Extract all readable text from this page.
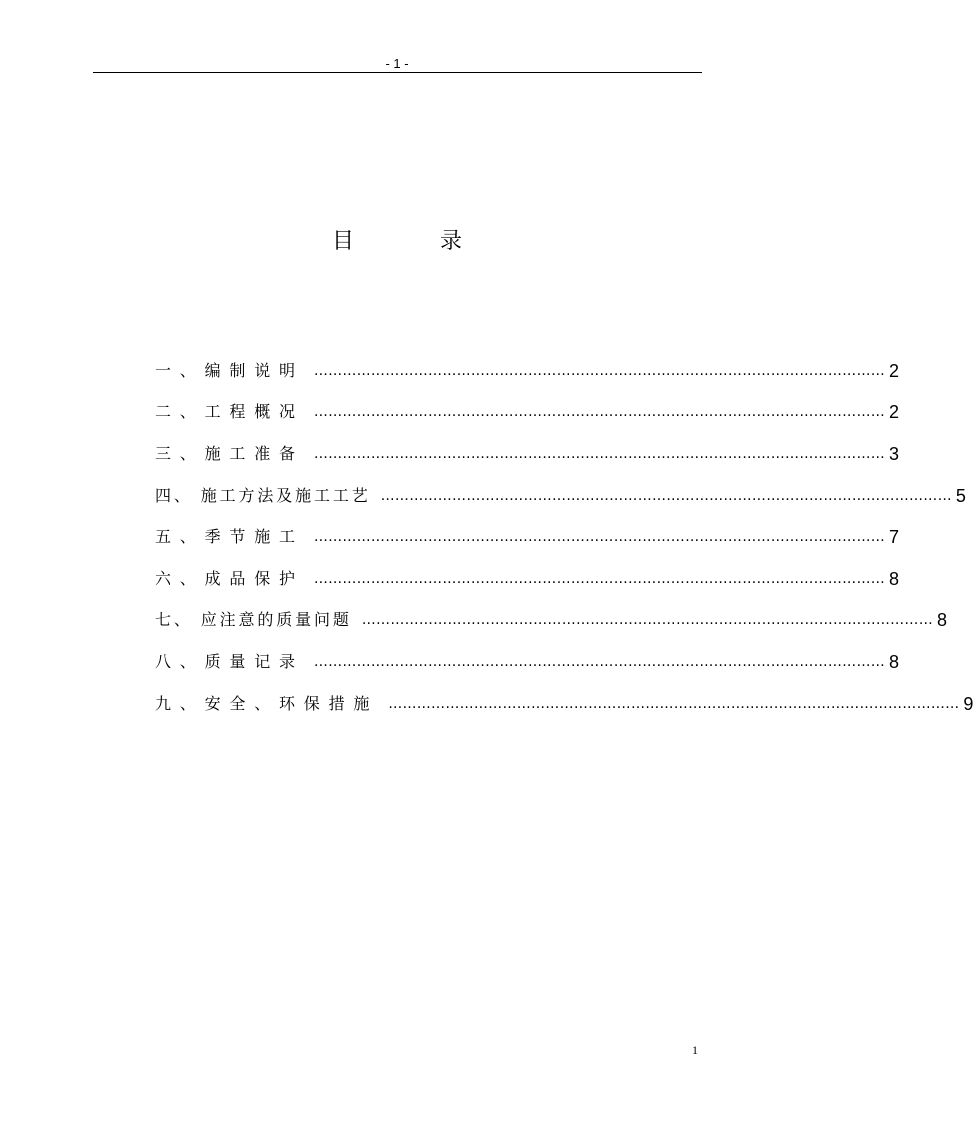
- 1 -
目	录
一、编制说明 ………………………………………………………………………………………………………… 2
二、工程概况 ………………………………………………………………………………………………………… 2
三、施工准备 ………………………………………………………………………………………………………… 3
四、 施工方法及施工工艺 ………………………………………………………………………………………………………… 5
五、季节施工 ………………………………………………………………………………………………………… 7
六、成品保护 ………………………………………………………………………………………………………… 8
七、 应注意的质量问题 ………………………………………………………………………………………………………… 8
八、质量记录 ………………………………………………………………………………………………………… 8
九、安全、环保措施 ………………………………………………………………………………………………………… 9
1
